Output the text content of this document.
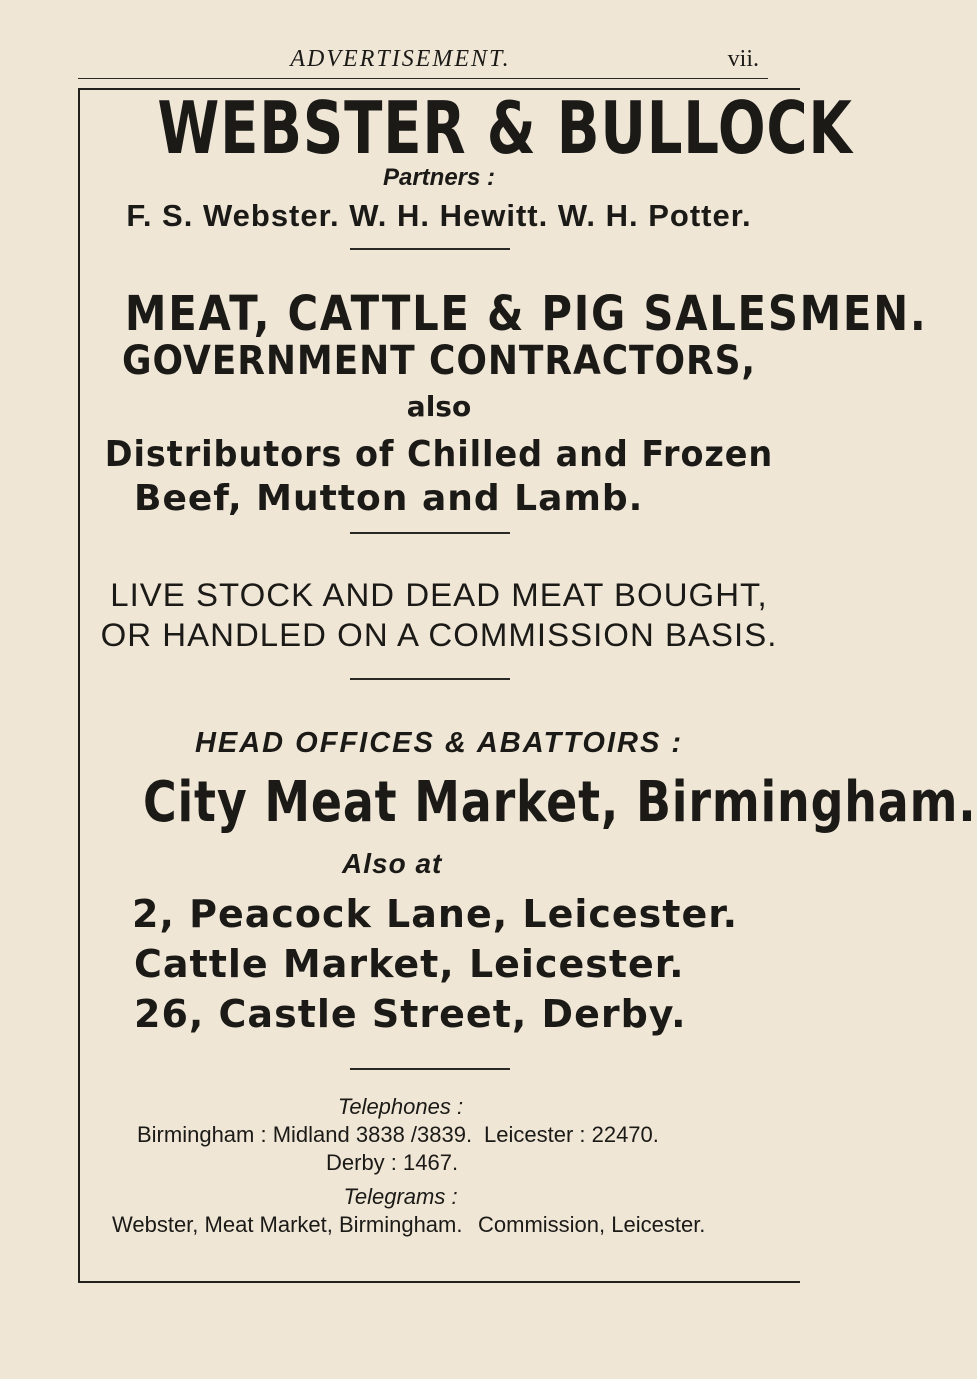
ADVERTISEMENT.	vii.
WEBSTER & BULLOCK
Partners :
F. S. Webster. W. H. Hewitt. W. H. Potter.
MEAT, CATTLE & PIG SALESMEN.
GOVERNMENT CONTRACTORS,
also
Distributors of Chilled and Frozen
Beef, Mutton and Lamb.
LIVE STOCK AND DEAD MEAT BOUGHT,
OR HANDLED ON A COMMISSION BASIS.
HEAD OFFICES & ABATTOIRS :
City Meat Market, Birmingham.
Also at
2, Peacock Lane, Leicester.
Cattle Market, Leicester.
26, Castle Street, Derby.
Telephones :
Birmingham : Midland 3838 /3839. Leicester : 22470.
Derby : 1467.
Telegrams :
Webster, Meat Market, Birmingham. Commission, Leicester.
